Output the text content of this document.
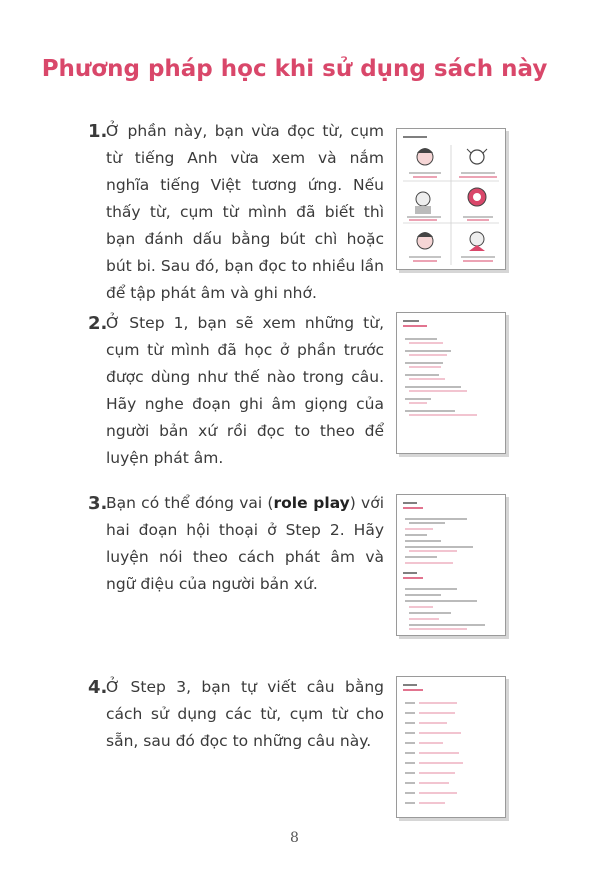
Phương pháp học khi sử dụng sách này
1.
Ở phần này, bạn vừa đọc từ, cụm từ tiếng Anh vừa xem và nắm nghĩa tiếng Việt tương ứng. Nếu thấy từ, cụm từ mình đã biết thì bạn đánh dấu bằng bút chì hoặc bút bi. Sau đó, bạn đọc to nhiều lần để tập phát âm và ghi nhớ.
2.
Ở Step 1, bạn sẽ xem những từ, cụm từ mình đã học ở phần trước được dùng như thế nào trong câu. Hãy nghe đoạn ghi âm giọng của người bản xứ rồi đọc to theo để luyện phát âm.
3.
Bạn có thể đóng vai (role play) với hai đoạn hội thoại ở Step 2. Hãy luyện nói theo cách phát âm và ngữ điệu của người bản xứ.
4.
Ở Step 3, bạn tự viết câu bằng cách sử dụng các từ, cụm từ cho sẵn, sau đó đọc to những câu này.
8
